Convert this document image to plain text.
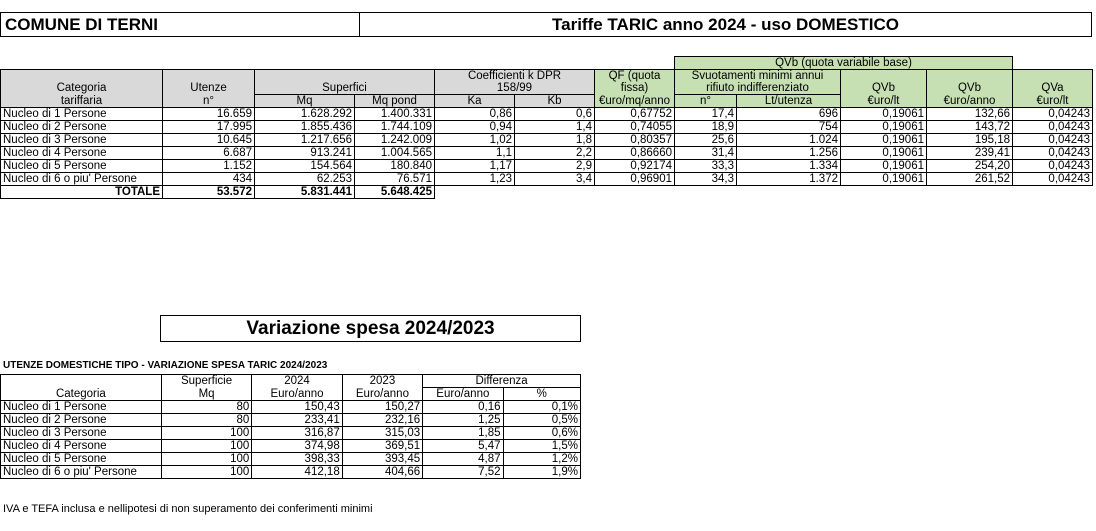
COMUNE DI TERNI	Tariffe TARIC anno 2024 - uso DOMESTICO
							QVb (quota variabile base)				
				Coefficienti k DPR		QF (quota	Svuotamenti minimi annui				
Categoria	Utenze	Superfici		158/99		fissa)	rifiuto indifferenziato		QVb	QVb	QVa
tariffaria	n°	Mq	Mq pond	Ka	Kb	€uro/mq/anno	n°	Lt/utenza	€uro/lt	€uro/anno	€uro/lt
Nucleo di 1 Persone	16.659	1.628.292	1.400.331	0,86	0,6	0,67752	17,4	696	0,19061	132,66	0,04243
Nucleo di 2 Persone	17.995	1.855.436	1.744.109	0,94	1,4	0,74055	18,9	754	0,19061	143,72	0,04243
Nucleo di 3 Persone	10.645	1.217.656	1.242.009	1,02	1,8	0,80357	25,6	1.024	0,19061	195,18	0,04243
Nucleo di 4 Persone	6.687	913.241	1.004.565	1,1	2,2	0,86660	31,4	1.256	0,19061	239,41	0,04243
Nucleo di 5 Persone	1.152	154.564	180.840	1,17	2,9	0,92174	33,3	1.334	0,19061	254,20	0,04243
Nucleo di 6 o piu' Persone	434	62.253	76.571	1,23	3,4	0,96901	34,3	1.372	0,19061	261,52	0,04243
TOTALE	53.572	5.831.441	5.648.425								
Variazione spesa 2024/2023
UTENZE DOMESTICHE TIPO - VARIAZIONE SPESA TARIC 2024/2023
	Superficie	2024	2023	Differenza	
Categoria	Mq	Euro/anno	Euro/anno	Euro/anno	%
Nucleo di 1 Persone	80	150,43	150,27	0,16	0,1%
Nucleo di 2 Persone	80	233,41	232,16	1,25	0,5%
Nucleo di 3 Persone	100	316,87	315,03	1,85	0,6%
Nucleo di 4 Persone	100	374,98	369,51	5,47	1,5%
Nucleo di 5 Persone	100	398,33	393,45	4,87	1,2%
Nucleo di 6 o piu' Persone	100	412,18	404,66	7,52	1,9%
IVA e TEFA inclusa e nellipotesi di non superamento dei conferimenti minimi
